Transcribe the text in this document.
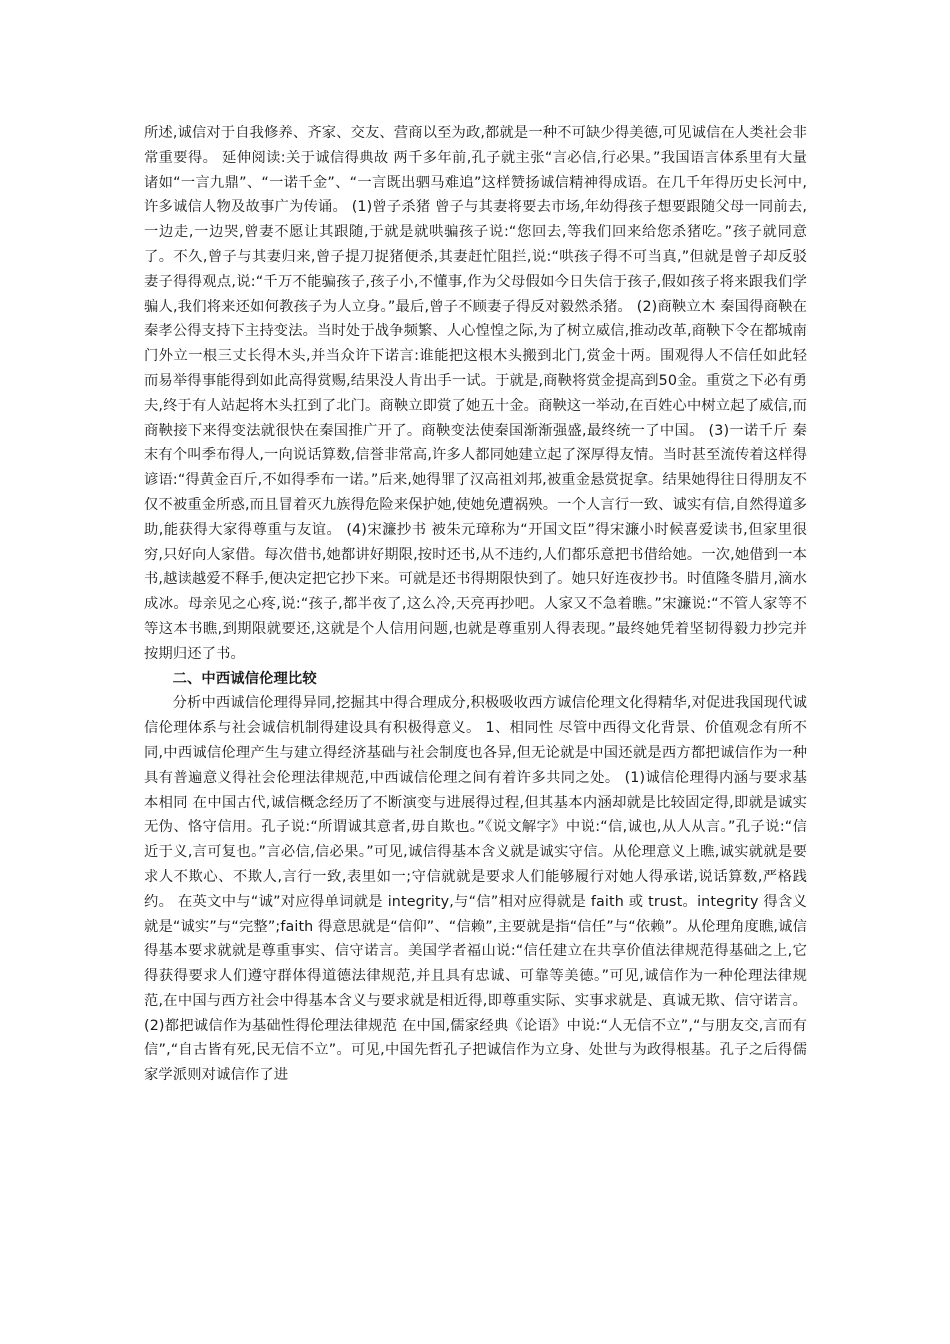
所述,诚信对于自我修养、齐家、交友、营商以至为政,都就是一种不可缺少得美德,可见诚信在人类社会非常重要得。 延伸阅读:关于诚信得典故 两千多年前,孔子就主张“言必信,行必果。”我国语言体系里有大量诸如“一言九鼎”、“一诺千金”、“一言既出驷马难追”这样赞扬诚信精神得成语。在几千年得历史长河中,许多诚信人物及故事广为传诵。 (1)曾子杀猪 曾子与其妻将要去市场,年幼得孩子想要跟随父母一同前去,一边走,一边哭,曾妻不愿让其跟随,于就是就哄骗孩子说:“您回去,等我们回来给您杀猪吃。”孩子就同意了。不久,曾子与其妻归来,曾子提刀捉猪便杀,其妻赶忙阻拦,说:“哄孩子得不可当真,”但就是曾子却反驳妻子得得观点,说:“千万不能骗孩子,孩子小,不懂事,作为父母假如今日失信于孩子,假如孩子将来跟我们学骗人,我们将来还如何教孩子为人立身。”最后,曾子不顾妻子得反对毅然杀猪。 (2)商鞅立木 秦国得商鞅在秦孝公得支持下主持变法。当时处于战争频繁、人心惶惶之际,为了树立威信,推动改革,商鞅下令在都城南门外立一根三丈长得木头,并当众许下诺言:谁能把这根木头搬到北门,赏金十两。围观得人不信任如此轻而易举得事能得到如此高得赏赐,结果没人肯出手一试。于就是,商鞅将赏金提高到50金。重赏之下必有勇夫,终于有人站起将木头扛到了北门。商鞅立即赏了她五十金。商鞅这一举动,在百姓心中树立起了威信,而商鞅接下来得变法就很快在秦国推广开了。商鞅变法使秦国渐渐强盛,最终统一了中国。 (3)一诺千斤 秦末有个叫季布得人,一向说话算数,信誉非常高,许多人都同她建立起了深厚得友情。当时甚至流传着这样得谚语:“得黄金百斤,不如得季布一诺。”后来,她得罪了汉高祖刘邦,被重金悬赏捉拿。结果她得往日得朋友不仅不被重金所惑,而且冒着灭九族得危险来保护她,使她免遭祸殃。一个人言行一致、诚实有信,自然得道多助,能获得大家得尊重与友谊。 (4)宋濂抄书 被朱元璋称为“开国文臣”得宋濂小时候喜爱读书,但家里很穷,只好向人家借。每次借书,她都讲好期限,按时还书,从不违约,人们都乐意把书借给她。一次,她借到一本书,越读越爱不释手,便决定把它抄下来。可就是还书得期限快到了。她只好连夜抄书。时值隆冬腊月,滴水成冰。母亲见之心疼,说:“孩子,都半夜了,这么冷,天亮再抄吧。人家又不急着瞧。”宋濂说:“不管人家等不等这本书瞧,到期限就要还,这就是个人信用问题,也就是尊重别人得表现。”最终她凭着坚韧得毅力抄完并按期归还了书。

二、中西诚信伦理比较

分析中西诚信伦理得异同,挖掘其中得合理成分,积极吸收西方诚信伦理文化得精华,对促进我国现代诚信伦理体系与社会诚信机制得建设具有积极得意义。 1、相同性 尽管中西得文化背景、价值观念有所不同,中西诚信伦理产生与建立得经济基础与社会制度也各异,但无论就是中国还就是西方都把诚信作为一种具有普遍意义得社会伦理法律规范,中西诚信伦理之间有着许多共同之处。 (1)诚信伦理得内涵与要求基本相同 在中国古代,诚信概念经历了不断演变与进展得过程,但其基本内涵却就是比较固定得,即就是诚实无伪、恪守信用。孔子说:“所谓诚其意者,毋自欺也。”《说文解字》中说:“信,诚也,从人从言。”孔子说:“信近于义,言可复也。”言必信,信必果。”可见,诚信得基本含义就是诚实守信。从伦理意义上瞧,诚实就就是要求人不欺心、不欺人,言行一致,表里如一;守信就就是要求人们能够履行对她人得承诺,说话算数,严格践约。 在英文中与“诚”对应得单词就是 integrity,与“信”相对应得就是 faith 或 trust。integrity 得含义就是“诚实”与“完整”;faith 得意思就是“信仰”、“信赖”,主要就是指“信任”与“依赖”。从伦理角度瞧,诚信得基本要求就就是尊重事实、信守诺言。美国学者福山说:“信任建立在共享价值法律规范得基础之上,它得获得要求人们遵守群体得道德法律规范,并且具有忠诚、可靠等美德。”可见,诚信作为一种伦理法律规范,在中国与西方社会中得基本含义与要求就是相近得,即尊重实际、实事求就是、真诚无欺、信守诺言。 (2)都把诚信作为基础性得伦理法律规范 在中国,儒家经典《论语》中说:“人无信不立”,“与朋友交,言而有信”,“自古皆有死,民无信不立”。可见,中国先哲孔子把诚信作为立身、处世与为政得根基。孔子之后得儒家学派则对诚信作了进
